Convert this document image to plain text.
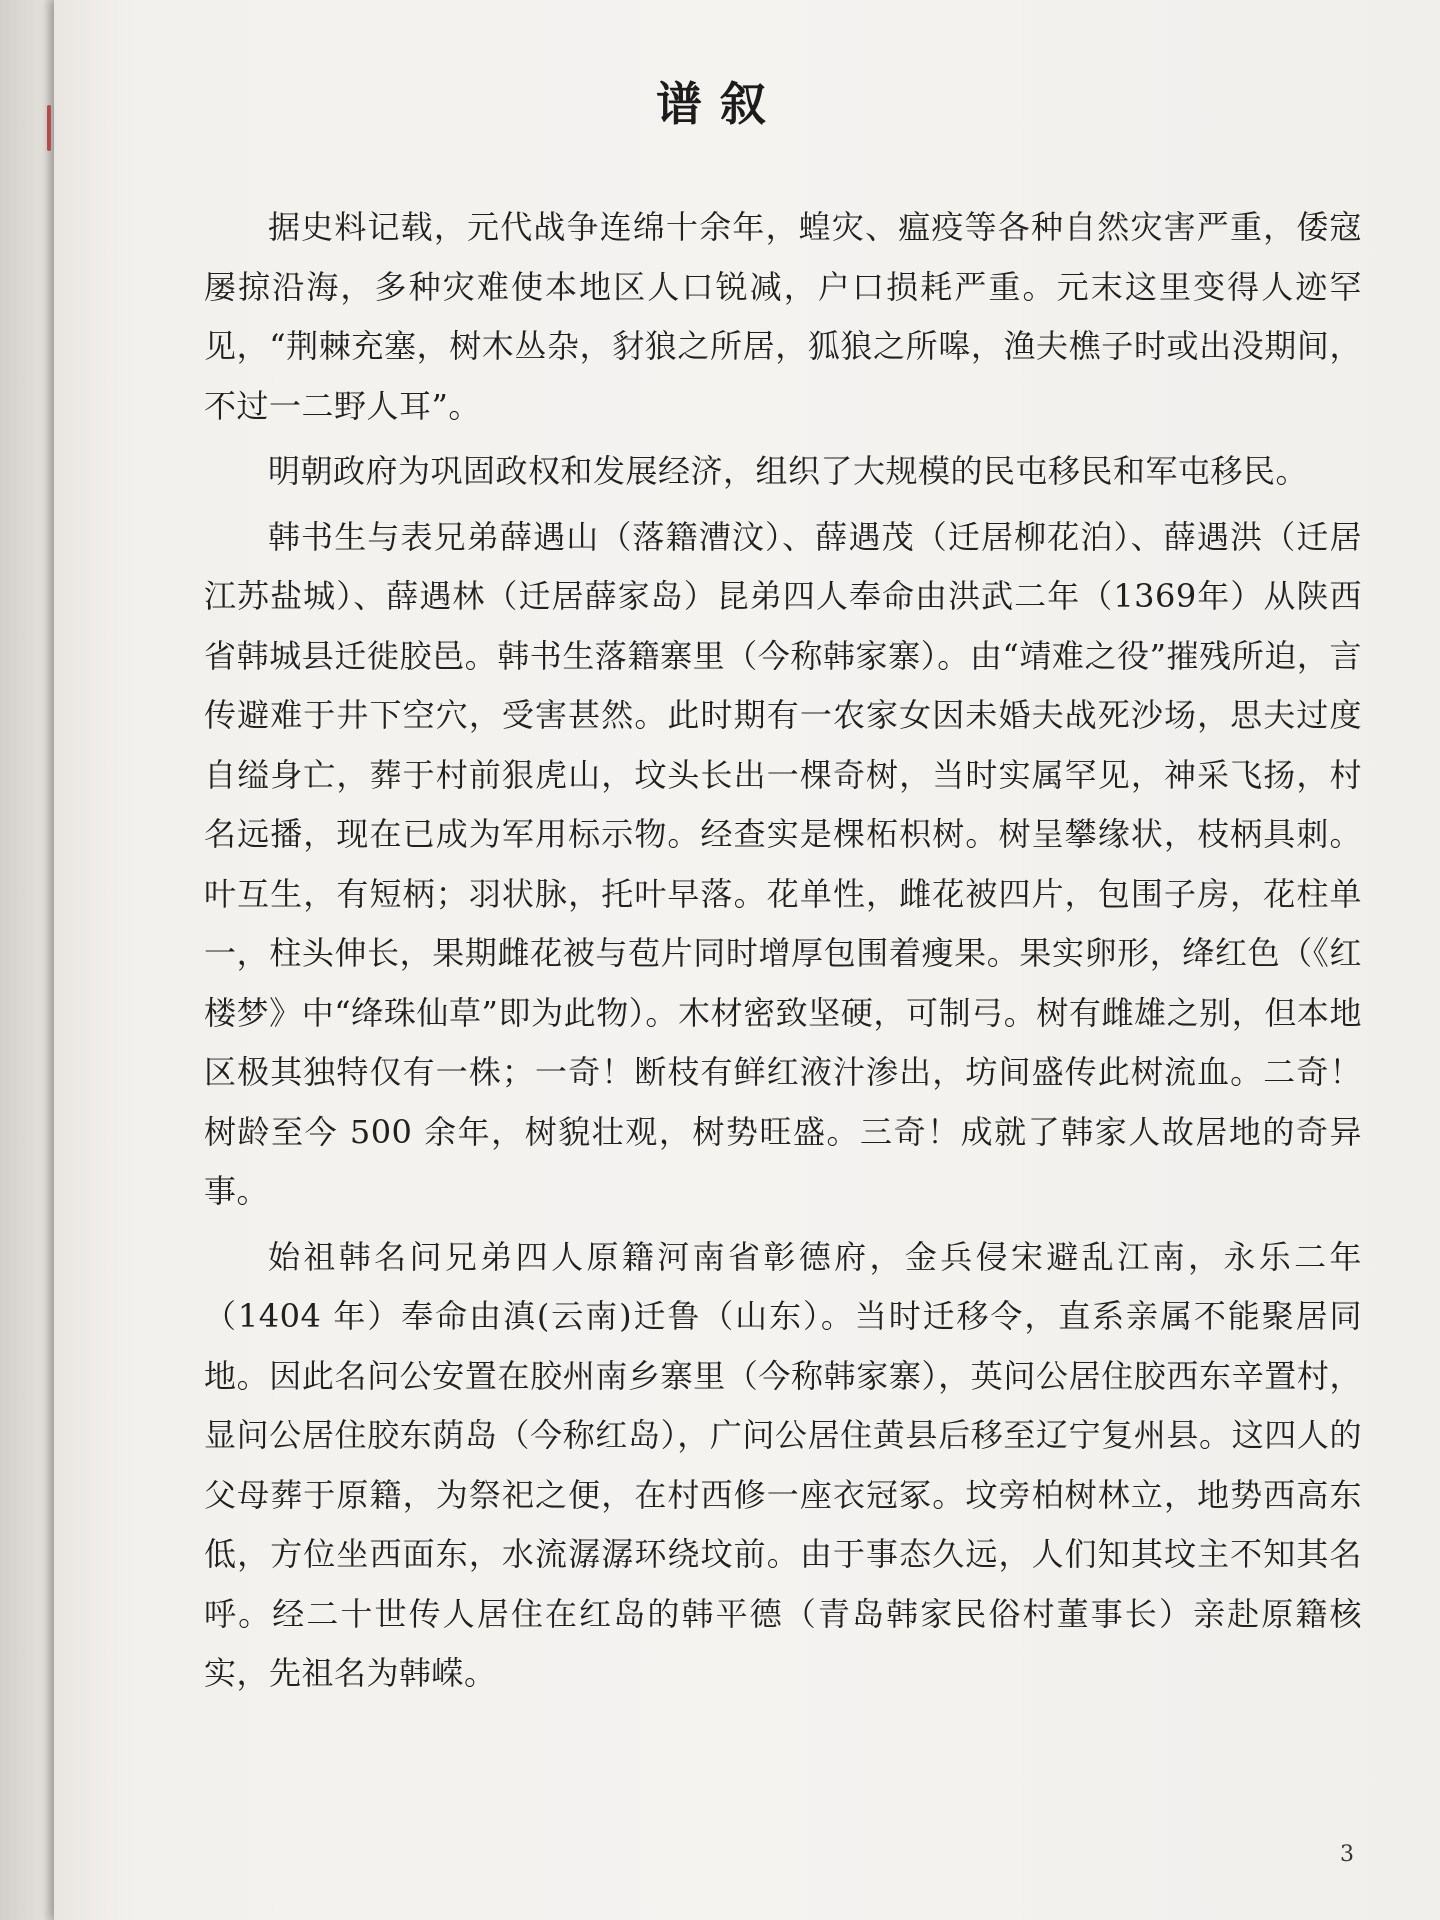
谱叙

据史料记载，元代战争连绵十余年，蝗灾、瘟疫等各种自然灾害严重，倭寇屡掠沿海，多种灾难使本地区人口锐减，户口损耗严重。元末这里变得人迹罕见，“荆棘充塞，树木丛杂，豺狼之所居，狐狼之所嗥，渔夫樵子时或出没期间，不过一二野人耳”。

明朝政府为巩固政权和发展经济，组织了大规模的民屯移民和军屯移民。

韩书生与表兄弟薛遇山（落籍漕汶）、薛遇茂（迁居柳花泊）、薛遇洪（迁居江苏盐城）、薛遇林（迁居薛家岛）昆弟四人奉命由洪武二年（1369年）从陕西省韩城县迁徙胶邑。韩书生落籍寨里（今称韩家寨）。由“靖难之役”摧残所迫，言传避难于井下空穴，受害甚然。此时期有一农家女因未婚夫战死沙场，思夫过度自缢身亡，葬于村前狠虎山，坟头长出一棵奇树，当时实属罕见，神采飞扬，村名远播，现在已成为军用标示物。经查实是棵柘枳树。树呈攀缘状，枝柄具刺。叶互生，有短柄；羽状脉，托叶早落。花单性，雌花被四片，包围子房，花柱单一，柱头伸长，果期雌花被与苞片同时增厚包围着瘦果。果实卵形，绛红色（《红楼梦》中“绛珠仙草”即为此物）。木材密致坚硬，可制弓。树有雌雄之别，但本地区极其独特仅有一株；一奇！断枝有鲜红液汁渗出，坊间盛传此树流血。二奇！树龄至今 500 余年，树貌壮观，树势旺盛。三奇！成就了韩家人故居地的奇异事。

始祖韩名问兄弟四人原籍河南省彰德府，金兵侵宋避乱江南，永乐二年（1404 年）奉命由滇(云南)迁鲁（山东）。当时迁移令，直系亲属不能聚居同地。因此名问公安置在胶州南乡寨里（今称韩家寨），英问公居住胶西东辛置村，显问公居住胶东荫岛（今称红岛），广问公居住黄县后移至辽宁复州县。这四人的父母葬于原籍，为祭祀之便，在村西修一座衣冠冢。坟旁柏树林立，地势西高东低，方位坐西面东，水流潺潺环绕坟前。由于事态久远，人们知其坟主不知其名呼。经二十世传人居住在红岛的韩平德（青岛韩家民俗村董事长）亲赴原籍核实，先祖名为韩嵘。

3
